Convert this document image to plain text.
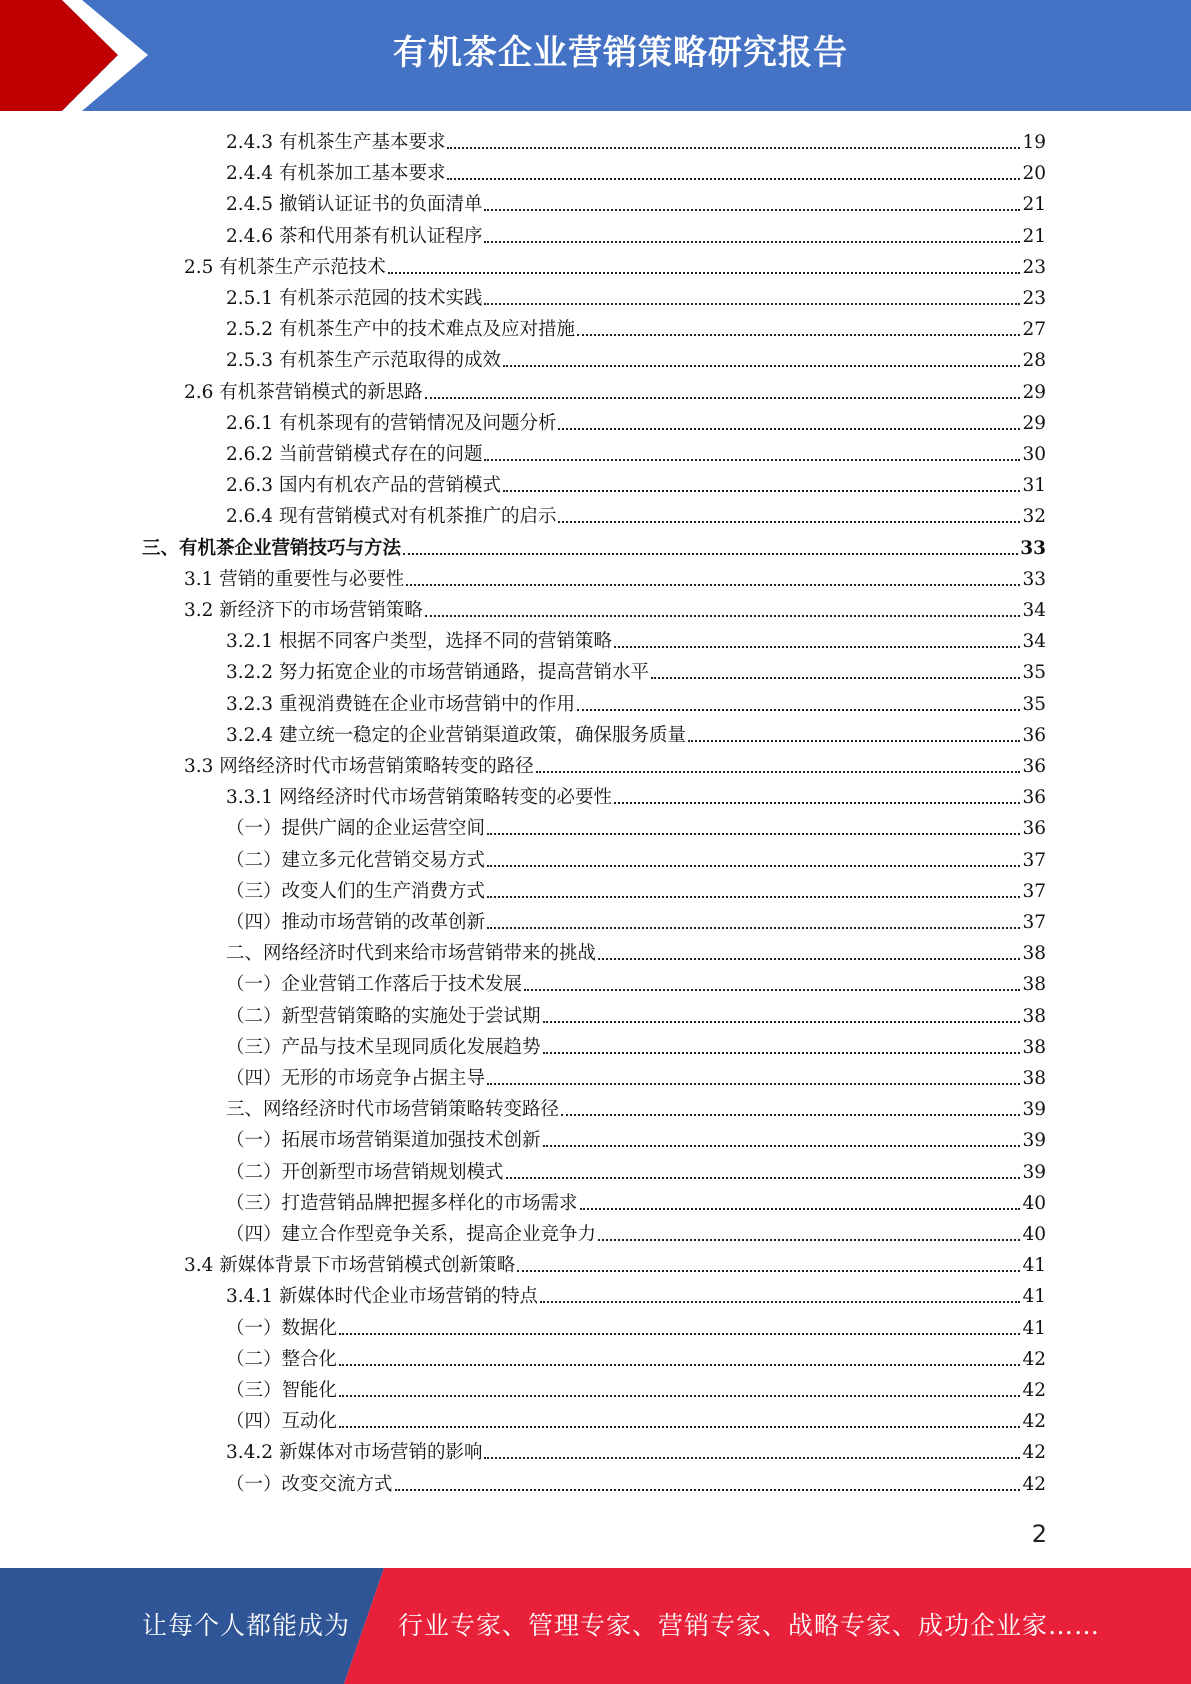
有机茶企业营销策略研究报告
2.4.3 有机茶生产基本要求	19
2.4.4 有机茶加工基本要求	20
2.4.5 撤销认证证书的负面清单	21
2.4.6 茶和代用茶有机认证程序	21
2.5 有机茶生产示范技术	23
2.5.1 有机茶示范园的技术实践	23
2.5.2 有机茶生产中的技术难点及应对措施	27
2.5.3 有机茶生产示范取得的成效	28
2.6 有机茶营销模式的新思路	29
2.6.1 有机茶现有的营销情况及问题分析	29
2.6.2 当前营销模式存在的问题	30
2.6.3 国内有机农产品的营销模式	31
2.6.4 现有营销模式对有机茶推广的启示	32
三、有机茶企业营销技巧与方法	33
3.1 营销的重要性与必要性	33
3.2 新经济下的市场营销策略	34
3.2.1 根据不同客户类型，选择不同的营销策略	34
3.2.2 努力拓宽企业的市场营销通路，提高营销水平	35
3.2.3 重视消费链在企业市场营销中的作用	35
3.2.4 建立统一稳定的企业营销渠道政策，确保服务质量	36
3.3 网络经济时代市场营销策略转变的路径	36
3.3.1 网络经济时代市场营销策略转变的必要性	36
（一）提供广阔的企业运营空间	36
（二）建立多元化营销交易方式	37
（三）改变人们的生产消费方式	37
（四）推动市场营销的改革创新	37
二、网络经济时代到来给市场营销带来的挑战	38
（一）企业营销工作落后于技术发展	38
（二）新型营销策略的实施处于尝试期	38
（三）产品与技术呈现同质化发展趋势	38
（四）无形的市场竞争占据主导	38
三、网络经济时代市场营销策略转变路径	39
（一）拓展市场营销渠道加强技术创新	39
（二）开创新型市场营销规划模式	39
（三）打造营销品牌把握多样化的市场需求	40
（四）建立合作型竞争关系，提高企业竞争力	40
3.4 新媒体背景下市场营销模式创新策略	41
3.4.1 新媒体时代企业市场营销的特点	41
（一）数据化	41
（二）整合化	42
（三）智能化	42
（四）互动化	42
3.4.2 新媒体对市场营销的影响	42
（一）改变交流方式	42
2
让每个人都能成为 行业专家、管理专家、营销专家、战略专家、成功企业家……
